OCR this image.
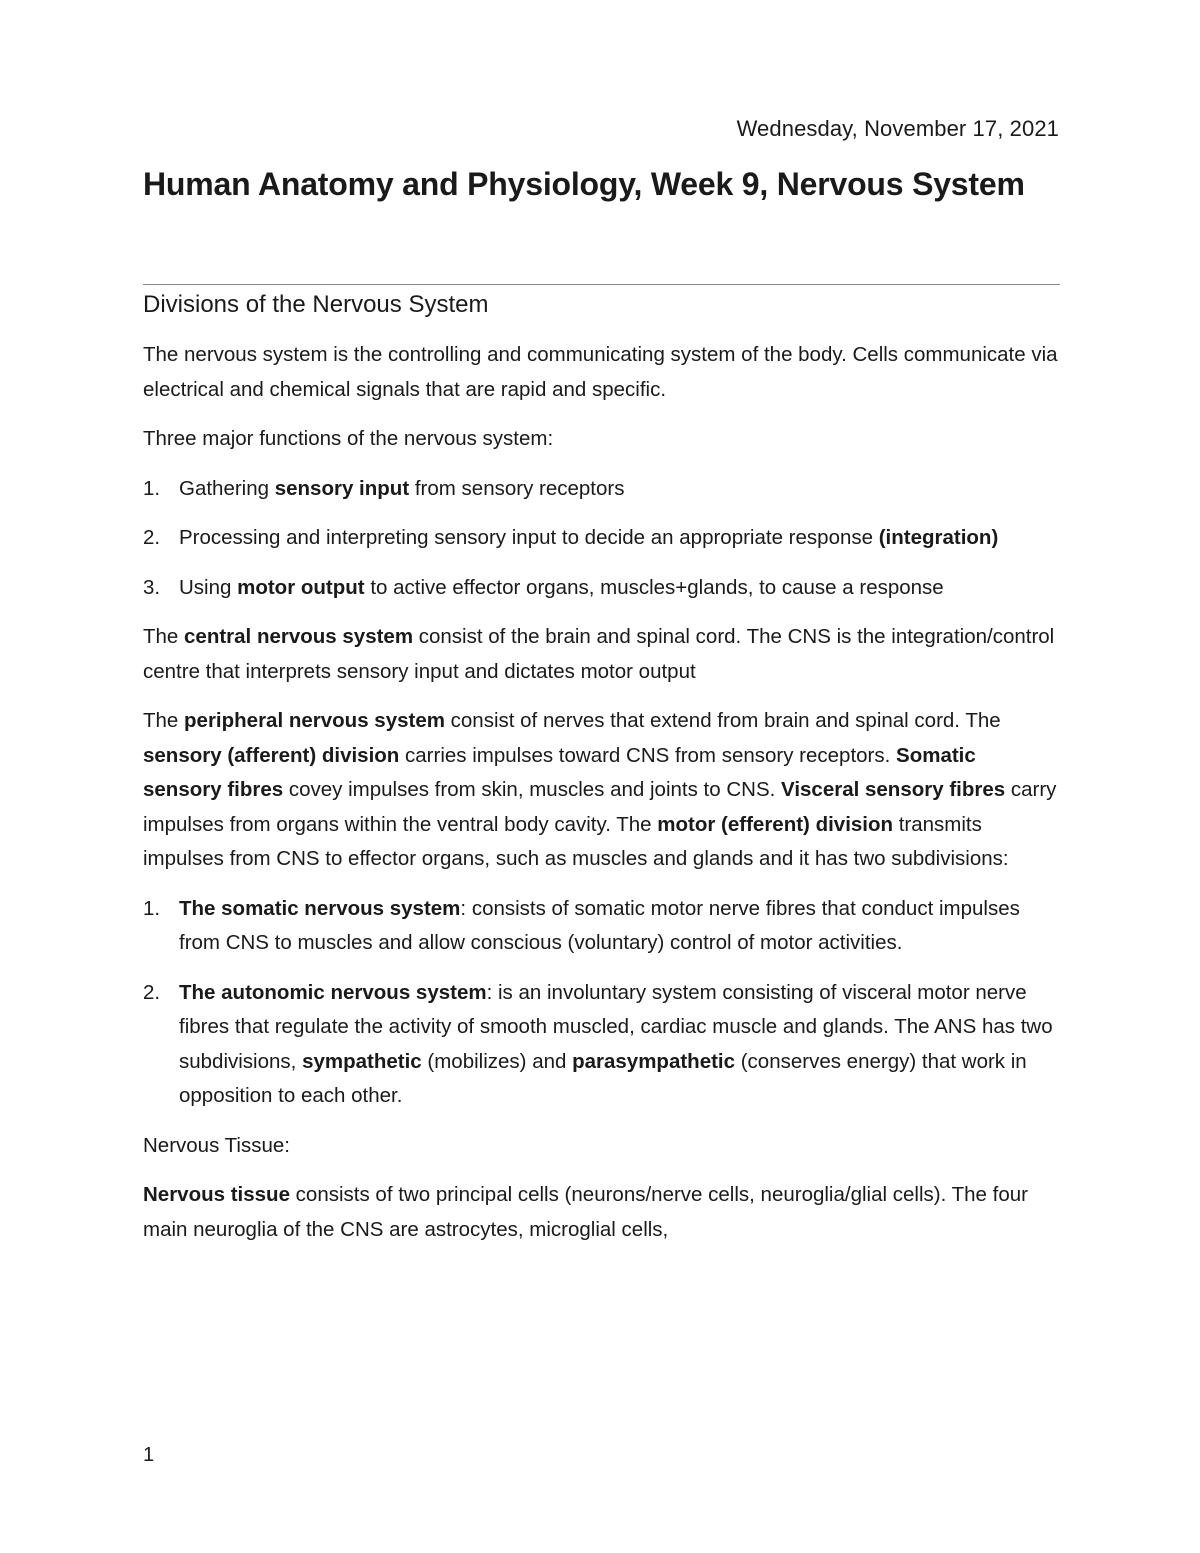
Wednesday, November 17, 2021
Human Anatomy and Physiology, Week 9, Nervous System
Divisions of the Nervous System

The nervous system is the controlling and communicating system of the body. Cells communicate via electrical and chemical signals that are rapid and specific.

Three major functions of the nervous system:

1. Gathering sensory input from sensory receptors
2. Processing and interpreting sensory input to decide an appropriate response (integration)
3. Using motor output to active effector organs, muscles+glands, to cause a response

The central nervous system consist of the brain and spinal cord. The CNS is the integration/control centre that interprets sensory input and dictates motor output

The peripheral nervous system consist of nerves that extend from brain and spinal cord. The sensory (afferent) division carries impulses toward CNS from sensory receptors. Somatic sensory fibres covey impulses from skin, muscles and joints to CNS. Visceral sensory fibres carry impulses from organs within the ventral body cavity. The motor (efferent) division transmits impulses from CNS to effector organs, such as muscles and glands and it has two subdivisions:

1. The somatic nervous system: consists of somatic motor nerve fibres that conduct impulses from CNS to muscles and allow conscious (voluntary) control of motor activities.
2. The autonomic nervous system: is an involuntary system consisting of visceral motor nerve fibres that regulate the activity of smooth muscled, cardiac muscle and glands. The ANS has two subdivisions, sympathetic (mobilizes) and parasympathetic (conserves energy) that work in opposition to each other.

Nervous Tissue:

Nervous tissue consists of two principal cells (neurons/nerve cells, neuroglia/glial cells). The four main neuroglia of the CNS are astrocytes, microglial cells,

1
